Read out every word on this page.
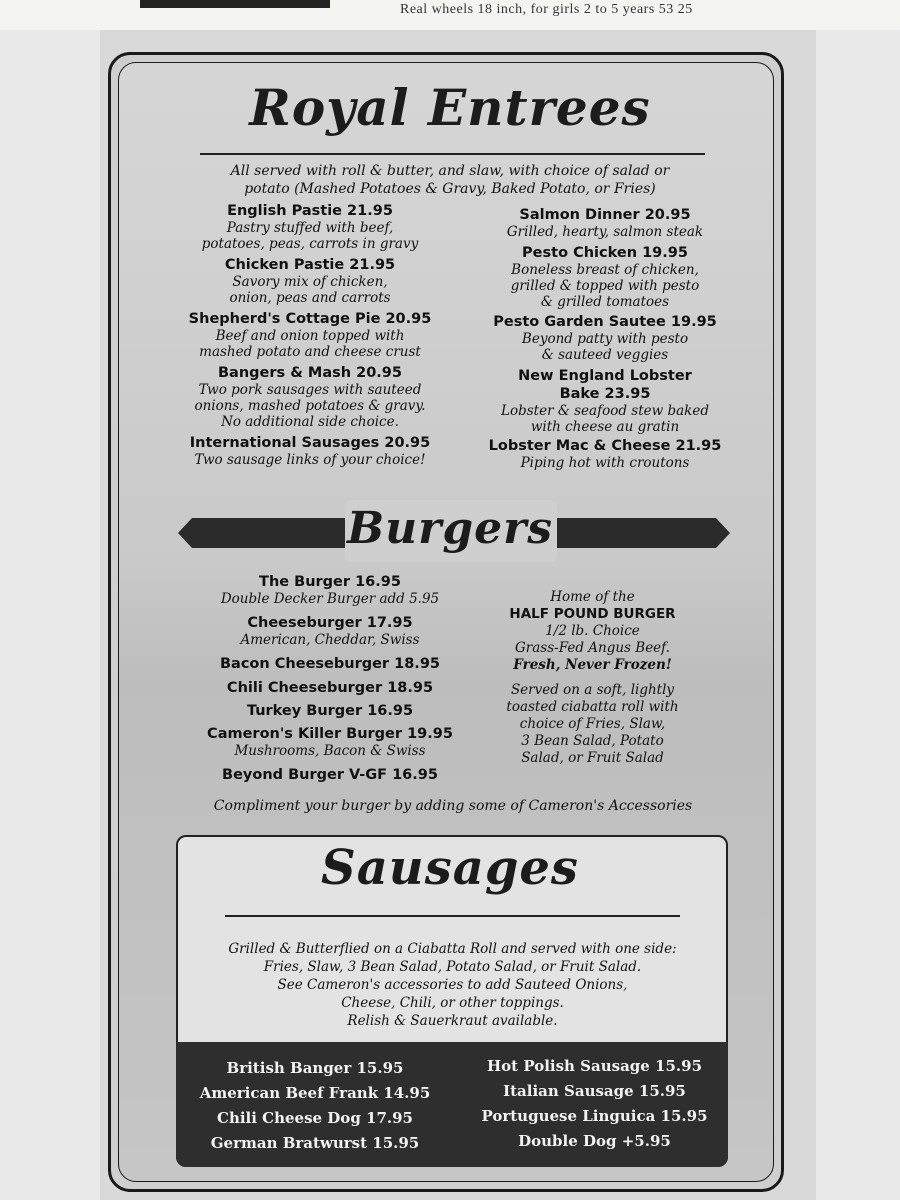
Real wheels 18 inch, for girls 2 to 5 years 53 25
Royal Entrees
All served with roll & butter, and slaw, with choice of salad or
potato (Mashed Potatoes & Gravy, Baked Potato, or Fries)
English Pastie 21.95
Pastry stuffed with beef,
potatoes, peas, carrots in gravy
Chicken Pastie 21.95
Savory mix of chicken,
onion, peas and carrots
Shepherd's Cottage Pie 20.95
Beef and onion topped with
mashed potato and cheese crust
Bangers & Mash 20.95
Two pork sausages with sauteed
onions, mashed potatoes & gravy.
No additional side choice.
International Sausages 20.95
Two sausage links of your choice!
Salmon Dinner 20.95
Grilled, hearty, salmon steak
Pesto Chicken 19.95
Boneless breast of chicken,
grilled & topped with pesto
& grilled tomatoes
Pesto Garden Sautee 19.95
Beyond patty with pesto
& sauteed veggies
New England Lobster
Bake 23.95
Lobster & seafood stew baked
with cheese au gratin
Lobster Mac & Cheese 21.95
Piping hot with croutons
Burgers
The Burger 16.95
Double Decker Burger add 5.95
Cheeseburger 17.95
American, Cheddar, Swiss
Bacon Cheeseburger 18.95
Chili Cheeseburger 18.95
Turkey Burger 16.95
Cameron's Killer Burger 19.95
Mushrooms, Bacon & Swiss
Beyond Burger V-GF 16.95
Home of the
HALF POUND BURGER
1/2 lb. Choice
Grass-Fed Angus Beef.
Fresh, Never Frozen!
Served on a soft, lightly
toasted ciabatta roll with
choice of Fries, Slaw,
3 Bean Salad, Potato
Salad, or Fruit Salad
Compliment your burger by adding some of Cameron's Accessories
Sausages
Grilled & Butterflied on a Ciabatta Roll and served with one side:
Fries, Slaw, 3 Bean Salad, Potato Salad, or Fruit Salad.
See Cameron's accessories to add Sauteed Onions,
Cheese, Chili, or other toppings.
Relish & Sauerkraut available.
British Banger 15.95
American Beef Frank 14.95
Chili Cheese Dog 17.95
German Bratwurst 15.95
Hot Polish Sausage 15.95
Italian Sausage 15.95
Portuguese Linguica 15.95
Double Dog +5.95
